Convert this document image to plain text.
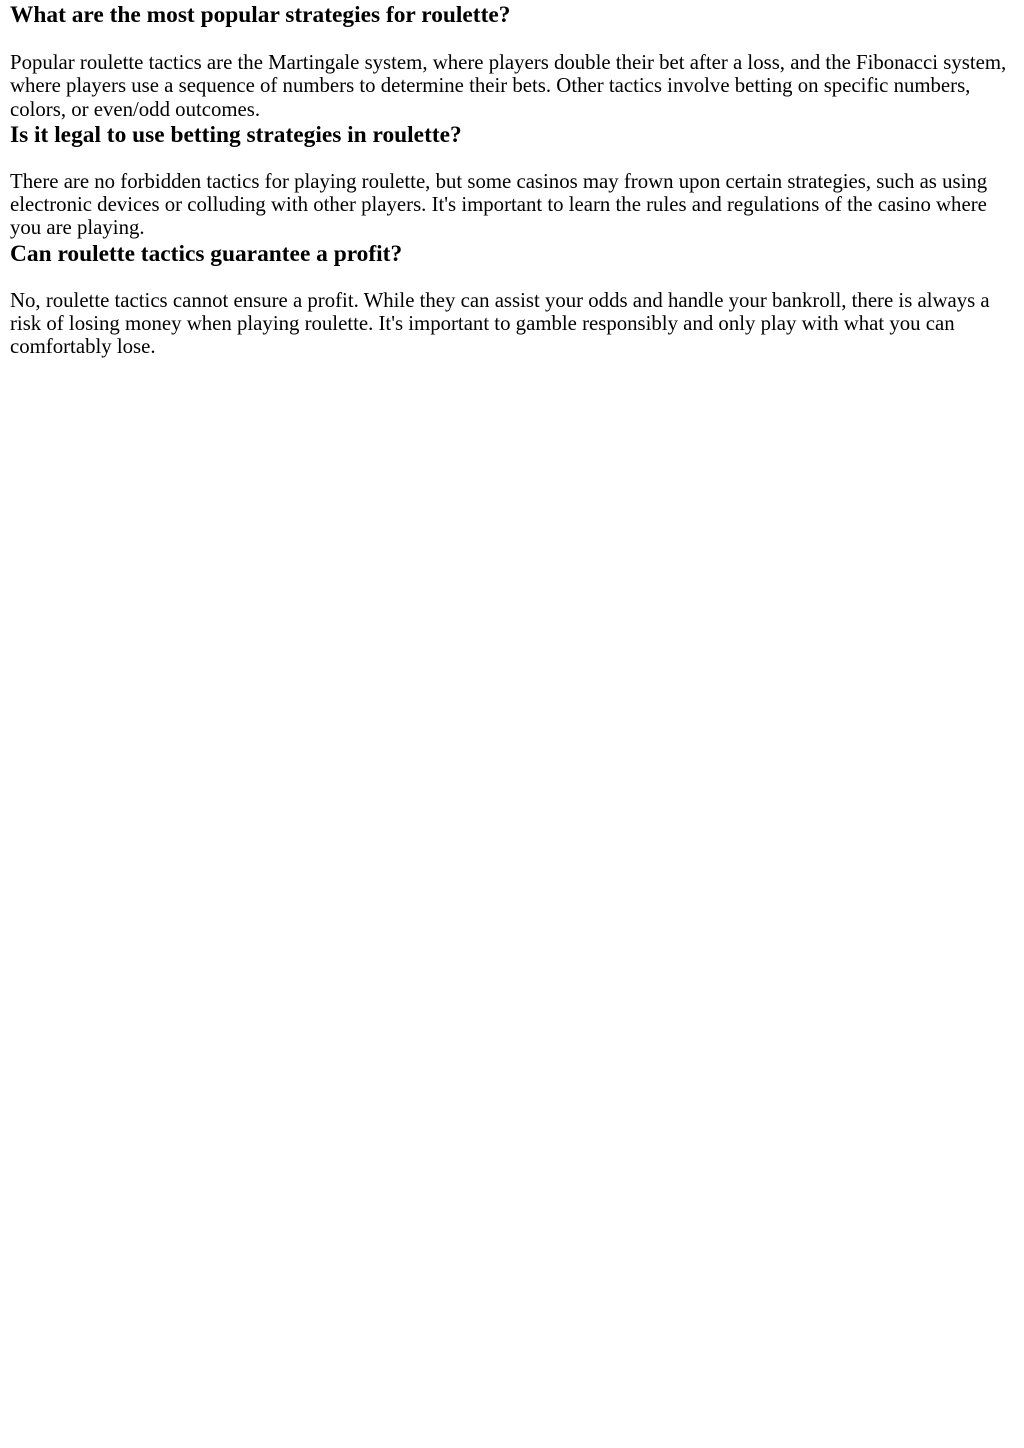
What are the most popular strategies for roulette?

Popular roulette tactics are the Martingale system, where players double their bet after a loss, and the Fibonacci system, where players use a sequence of numbers to determine their bets. Other tactics involve betting on specific numbers, colors, or even/odd outcomes.

Is it legal to use betting strategies in roulette?

There are no forbidden tactics for playing roulette, but some casinos may frown upon certain strategies, such as using electronic devices or colluding with other players. It's important to learn the rules and regulations of the casino where you are playing.

Can roulette tactics guarantee a profit?

No, roulette tactics cannot ensure a profit. While they can assist your odds and handle your bankroll, there is always a risk of losing money when playing roulette. It's important to gamble responsibly and only play with what you can comfortably lose.
